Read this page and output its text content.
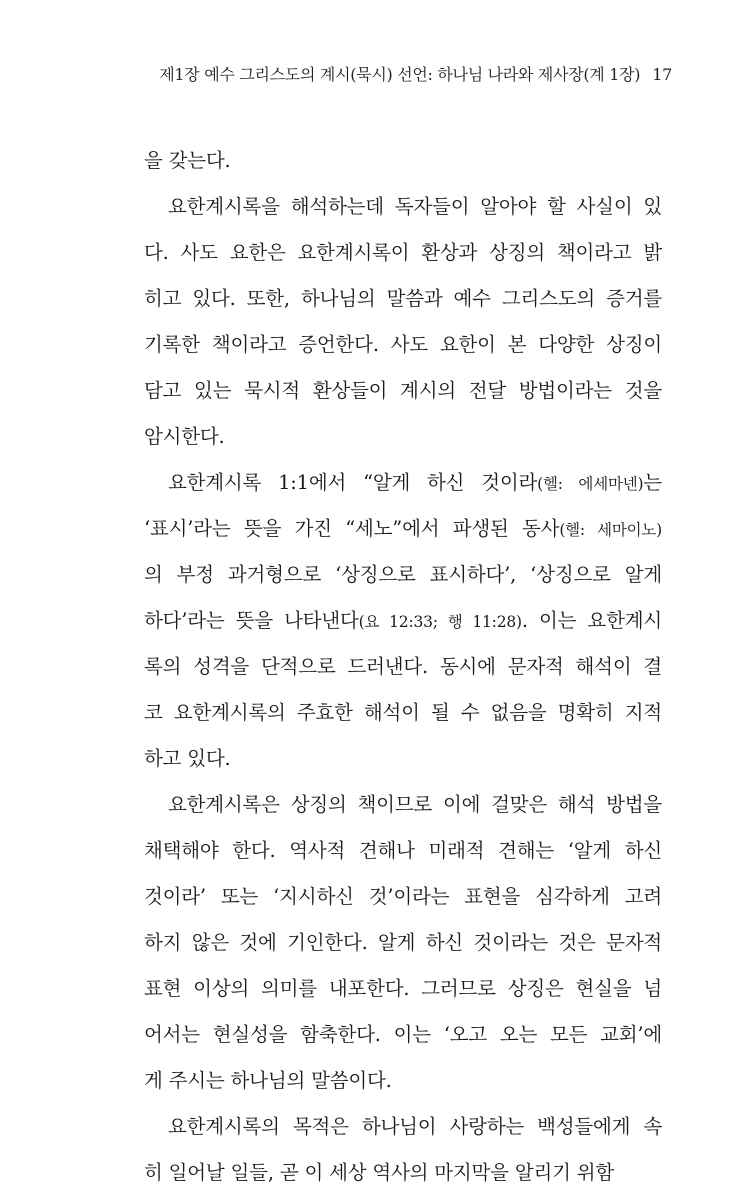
제1장 예수 그리스도의 계시(묵시) 선언: 하나님 나라와 제사장(계 1장) 17
을 갖는다.
요한계시록을 해석하는데 독자들이 알아야 할 사실이 있
다. 사도 요한은 요한계시록이 환상과 상징의 책이라고 밝
히고 있다. 또한, 하나님의 말씀과 예수 그리스도의 증거를
기록한 책이라고 증언한다. 사도 요한이 본 다양한 상징이
담고 있는 묵시적 환상들이 계시의 전달 방법이라는 것을
암시한다.
요한계시록 1:1에서 “알게 하신 것이라(헬: 에세마넨)는
‘표시’라는 뜻을 가진 “세노”에서 파생된 동사(헬: 세마이노)
의 부정 과거형으로 ‘상징으로 표시하다’, ‘상징으로 알게
하다’라는 뜻을 나타낸다(요 12:33; 행 11:28). 이는 요한계시
록의 성격을 단적으로 드러낸다. 동시에 문자적 해석이 결
코 요한계시록의 주효한 해석이 될 수 없음을 명확히 지적
하고 있다.
요한계시록은 상징의 책이므로 이에 걸맞은 해석 방법을
채택해야 한다. 역사적 견해나 미래적 견해는 ‘알게 하신
것이라’ 또는 ‘지시하신 것’이라는 표현을 심각하게 고려
하지 않은 것에 기인한다. 알게 하신 것이라는 것은 문자적
표현 이상의 의미를 내포한다. 그러므로 상징은 현실을 넘
어서는 현실성을 함축한다. 이는 ‘오고 오는 모든 교회’에
게 주시는 하나님의 말씀이다.
요한계시록의 목적은 하나님이 사랑하는 백성들에게 속
히 일어날 일들, 곧 이 세상 역사의 마지막을 알리기 위함
